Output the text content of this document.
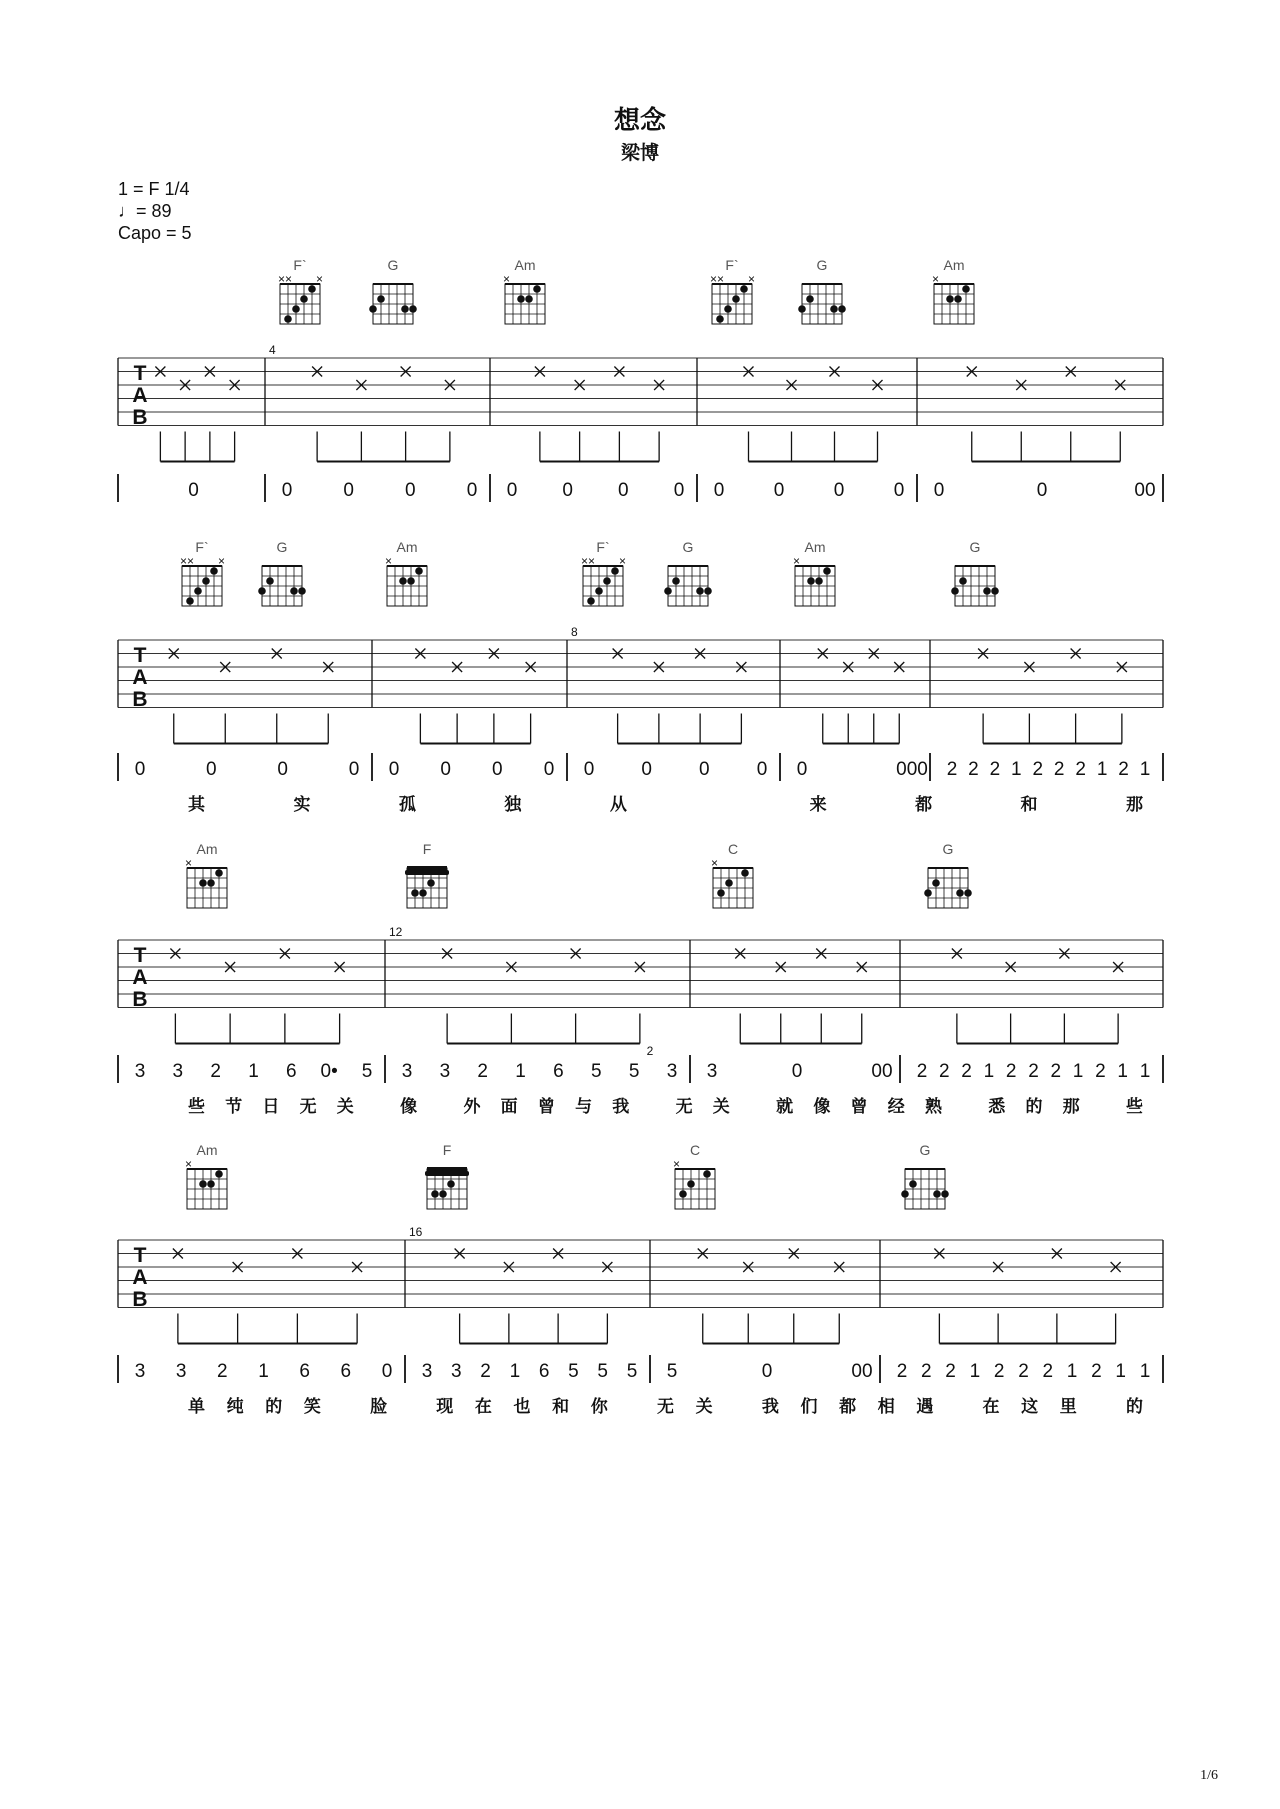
想念
梁博
1 = F 1/4
♩= 89
Capo = 5
F`
×× ×
G	Am
×
F`
×× ×
G	Am
×
T
A
B
4
0	0	0	0	0 0 0 0 0 0	0	0	0 0	0	00
F`
×× ×
G	Am
×
F`
×× ×
G	Am
×
G
T
A
B
8
0	0	0	0 0 0 0 0 0 0 0 0 0	000 2 2 2 1 2 2 2 1 2 1
其实孤独从 来都和那
Am
×
F	C
×
G
T
A
B
12
3 3 2 1 6 0• 5 3 3 2 1 6 5 5 3 3	0	00 2 2 2 1 2 2 2 1 2 1 1
2
些节日无关 像 外面曾与我 无关 就像曾经熟 悉的那 些
Am
×
F	C
×
G
T
A
B
16
3 3 2 1 6 6 0 3 3 2 1 6 5 5 5 5	0	00 2 2 2 1 2 2 2 1 2 1 1
单纯的笑 脸 现在也和你 无关 我们都相遇 在这里 的
1/6
